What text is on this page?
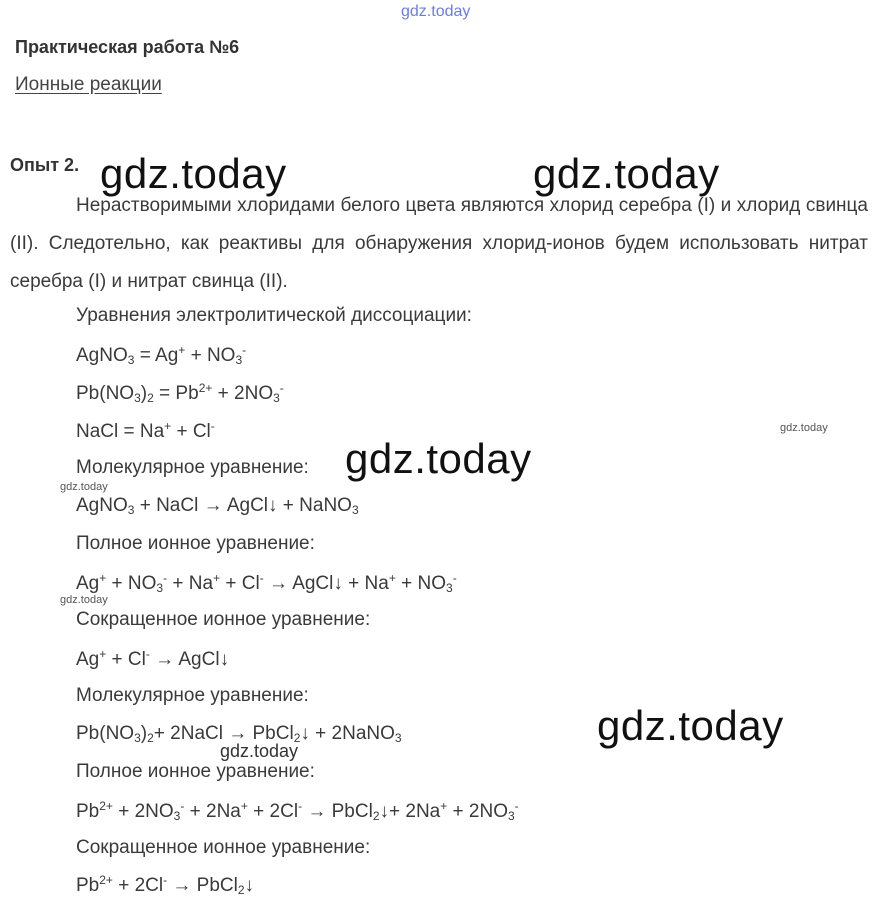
gdz.today
Практическая работа №6
Ионные реакции
Опыт 2.

Нерастворимыми хлоридами белого цвета являются хлорид серебра (I) и хлорид свинца (II). Следотельно, как реактивы для обнаружения хлорид-ионов будем использовать нитрат серебра (I) и нитрат свинца (II).

Уравнения электролитической диссоциации:
AgNO$_3$ = $Ag^+ + NO_3^-$
$Pb(NO_3)_2 = Pb^{2+} + 2NO_3^-$
NaCl = Na+ + Cl-
Молекулярное уравнение:
AgNO$_3$ + NaCl → AgCl↓ + NaNO$_3$
Полное ионное уравнение:
$Ag^+ + NO_3^- + Na^+ + Cl^-$ → AgCl↓ + $Na^+ + NO_3^-$
Сокращенное ионное уравнение:
Ag+ + Cl- → AgCl↓
Молекулярное уравнение:
$Pb(NO_3)_2+$ 2NaCl → PbCl$_2$↓ + 2NaNO$_3$
Полное ионное уравнение:
$Pb^{2+} + 2NO_3^- + 2Na^+ + 2Cl^-$ → PbCl$_2$↓+ $2Na^+ + 2NO_3^-$
Сокращенное ионное уравнение:
$Pb^{2+} + 2Cl^-$ → PbCl$_2$↓
gdz.today	gdz.today
gdz.today
gdz.today
gdz.today
gdz.today
gdz.today
gdz.today
